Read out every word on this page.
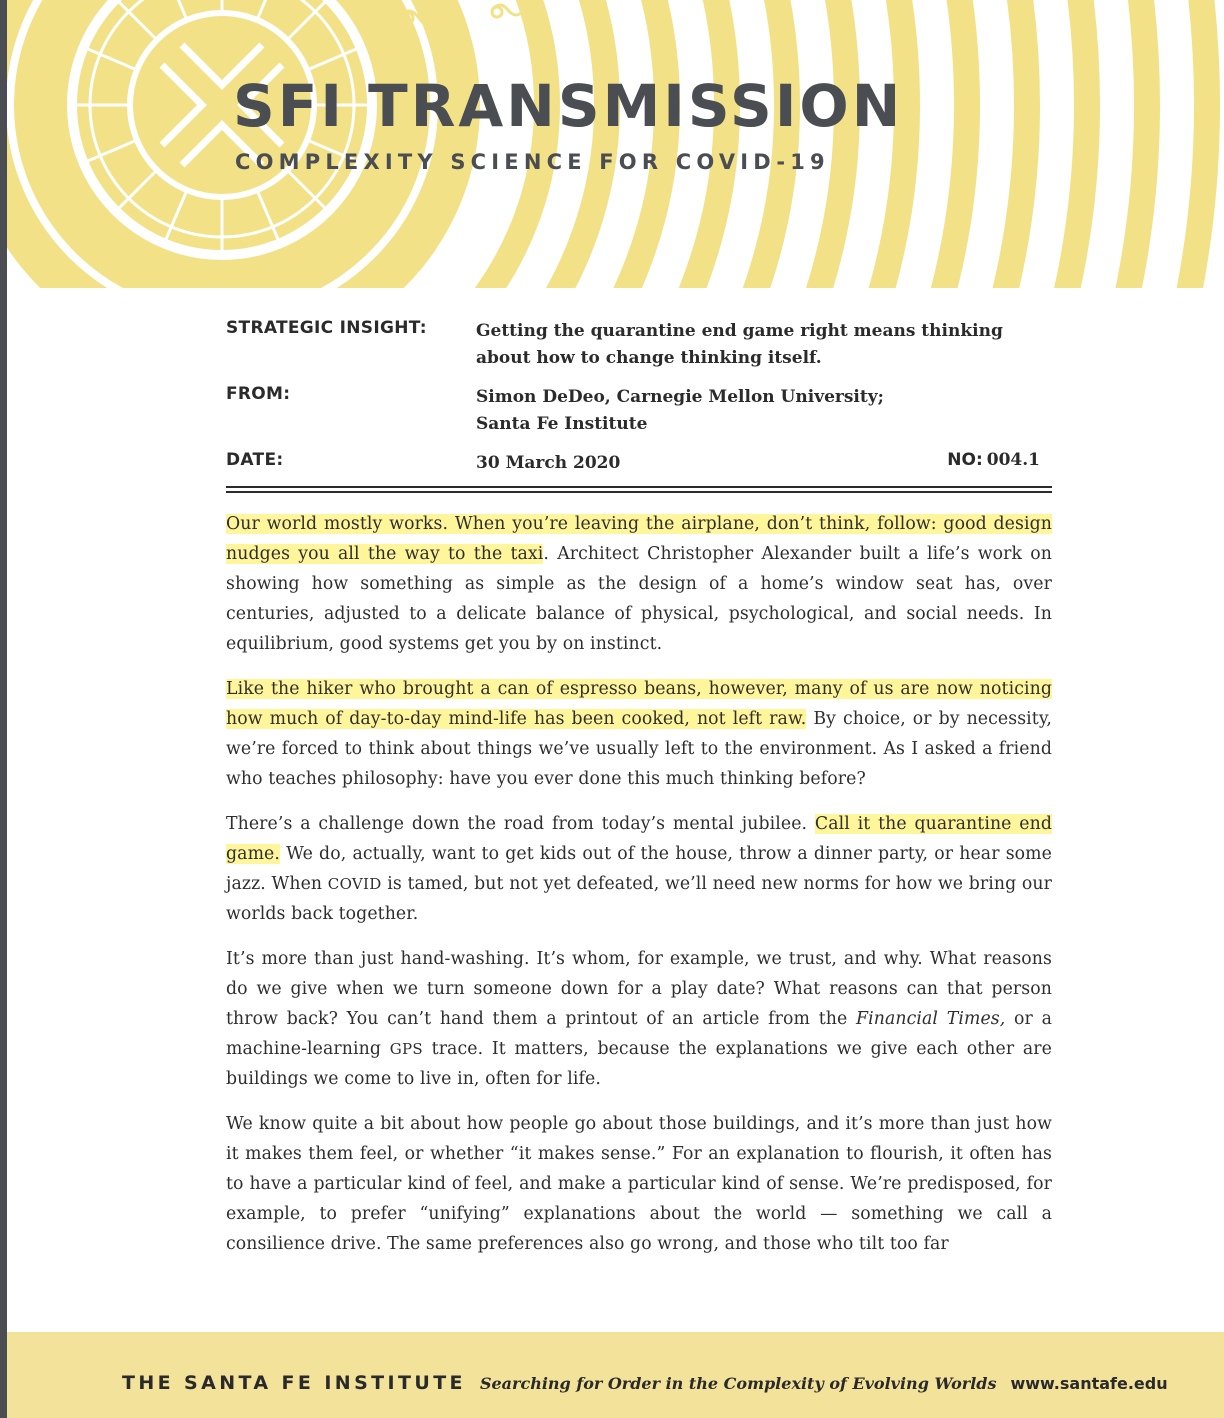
SFI TRANSMISSION
COMPLEXITY SCIENCE FOR COVID-19
STRATEGIC INSIGHT:	Getting the quarantine end game right means thinking about how to change thinking itself.
FROM:	Simon DeDeo, Carnegie Mellon University;
Santa Fe Institute
DATE:	30 March 2020	NO: 004.1

Our world mostly works. When you’re leaving the airplane, don’t think, follow: good design nudges you all the way to the taxi. Architect Christopher Alexander built a life’s work on showing how something as simple as the design of a home’s window seat has, over centuries, adjusted to a delicate balance of physical, psychological, and social needs. In equilibrium, good systems get you by on instinct.

Like the hiker who brought a can of espresso beans, however, many of us are now noticing how much of day-to-day mind-life has been cooked, not left raw. By choice, or by necessity, we’re forced to think about things we’ve usually left to the environment. As I asked a friend who teaches philosophy: have you ever done this much thinking before?

There’s a challenge down the road from today’s mental jubilee. Call it the quarantine end game. We do, actually, want to get kids out of the house, throw a dinner party, or hear some jazz. When COVID is tamed, but not yet defeated, we’ll need new norms for how we bring our worlds back together.

It’s more than just hand-washing. It’s whom, for example, we trust, and why. What reasons do we give when we turn someone down for a play date? What reasons can that person throw back? You can’t hand them a printout of an article from the Financial Times, or a machine-learning GPS trace. It matters, because the explanations we give each other are buildings we come to live in, often for life.

We know quite a bit about how people go about those buildings, and it’s more than just how it makes them feel, or whether “it makes sense.” For an explanation to flourish, it often has to have a particular kind of feel, and make a particular kind of sense. We’re predisposed, for example, to prefer “unifying” explanations about the world — something we call a consilience drive. The same preferences also go wrong, and those who tilt too far

THE SANTA FE INSTITUTE Searching for Order in the Complexity of Evolving Worlds www.santafe.edu
